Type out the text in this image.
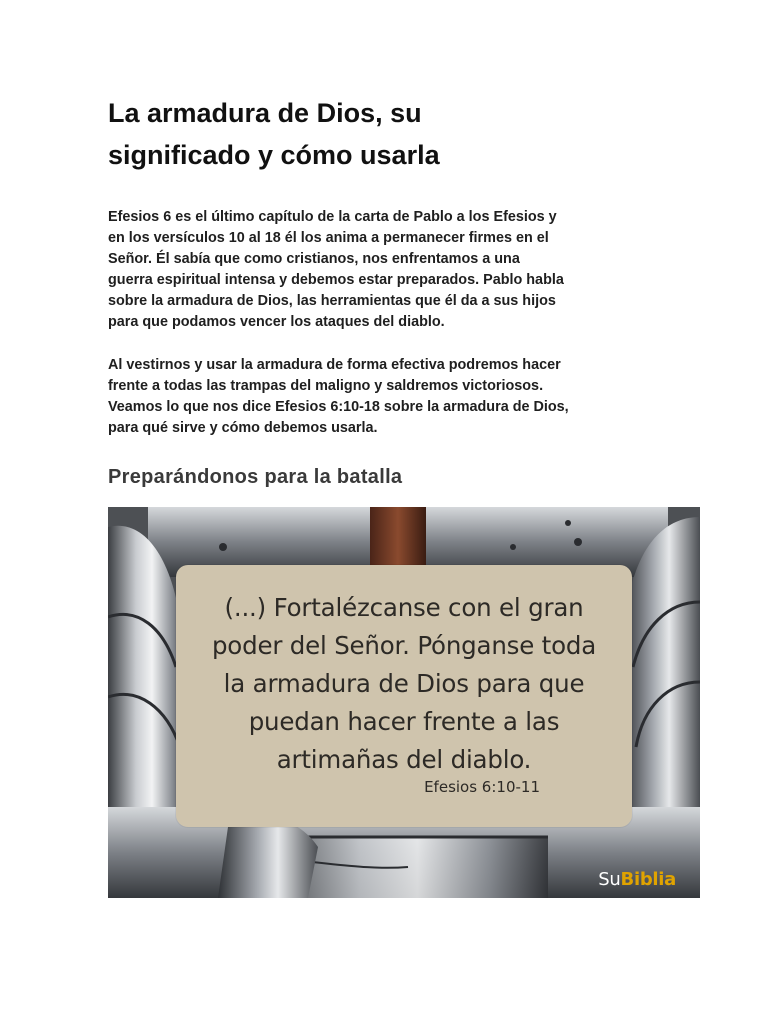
La armadura de Dios, su
significado y cómo usarla

Efesios 6 es el último capítulo de la carta de Pablo a los Efesios y
en los versículos 10 al 18 él los anima a permanecer firmes en el
Señor. Él sabía que como cristianos, nos enfrentamos a una
guerra espiritual intensa y debemos estar preparados. Pablo habla
sobre la armadura de Dios, las herramientas que él da a sus hijos
para que podamos vencer los ataques del diablo.

Al vestirnos y usar la armadura de forma efectiva podremos hacer
frente a todas las trampas del maligno y saldremos victoriosos.
Veamos lo que nos dice Efesios 6:10-18 sobre la armadura de Dios,
para qué sirve y cómo debemos usarla.

Preparándonos para la batalla
(...) Fortalézcanse con el gran
poder del Señor. Pónganse toda
la armadura de Dios para que
puedan hacer frente a las
artimañas del diablo.
Efesios 6:10-11
SuBiblia
